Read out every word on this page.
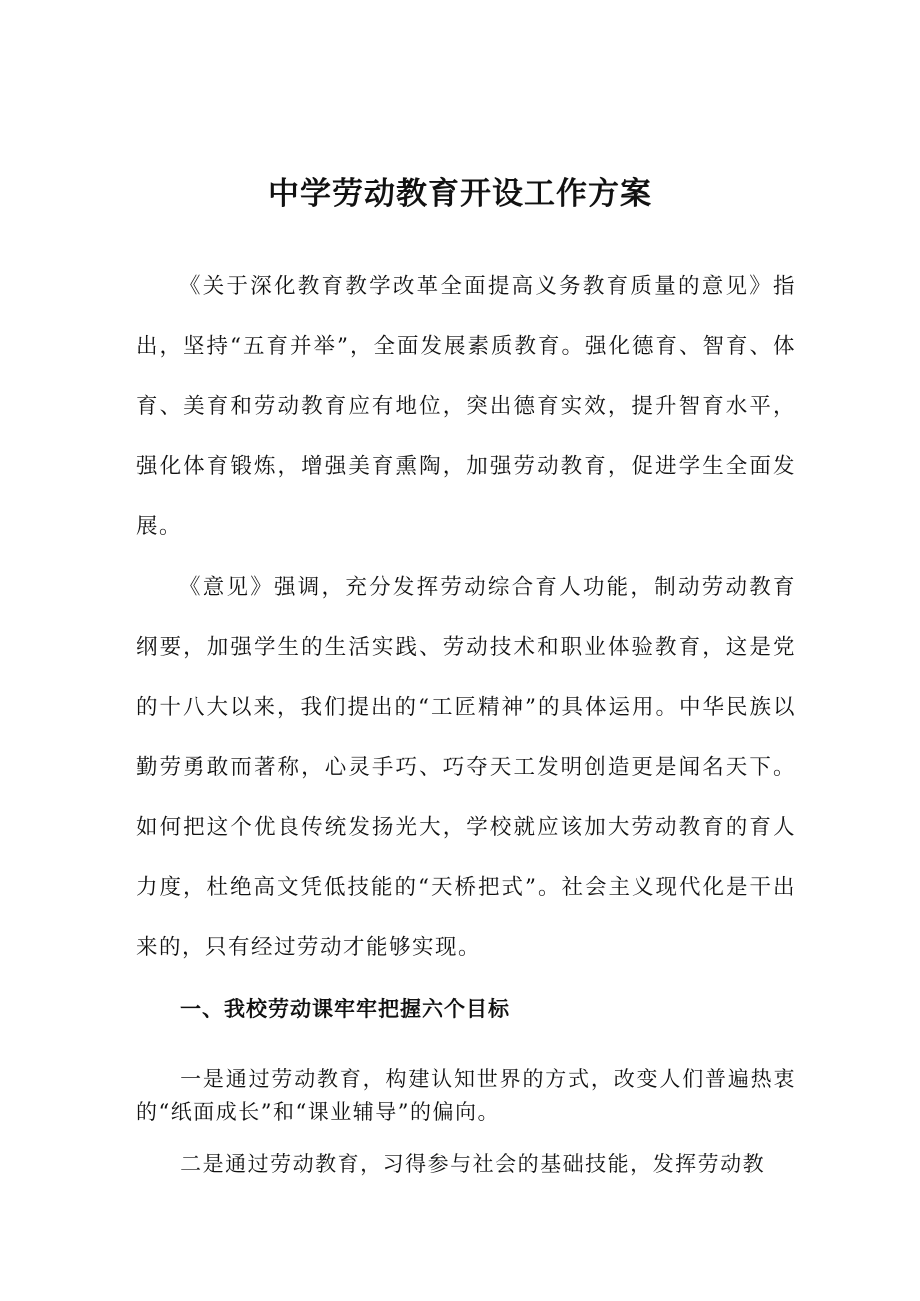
中学劳动教育开设工作方案

《关于深化教育教学改革全面提高义务教育质量的意见》指出，坚持“五育并举”，全面发展素质教育。强化德育、智育、体育、美育和劳动教育应有地位，突出德育实效，提升智育水平，强化体育锻炼，增强美育熏陶，加强劳动教育，促进学生全面发展。

《意见》强调，充分发挥劳动综合育人功能，制动劳动教育纲要，加强学生的生活实践、劳动技术和职业体验教育，这是党的十八大以来，我们提出的“工匠精神”的具体运用。中华民族以勤劳勇敢而著称，心灵手巧、巧夺天工发明创造更是闻名天下。如何把这个优良传统发扬光大，学校就应该加大劳动教育的育人力度，杜绝高文凭低技能的“天桥把式”。社会主义现代化是干出来的，只有经过劳动才能够实现。

一、我校劳动课牢牢把握六个目标

一是通过劳动教育，构建认知世界的方式，改变人们普遍热衷的“纸面成长”和“课业辅导”的偏向。

二是通过劳动教育，习得参与社会的基础技能，发挥劳动教
